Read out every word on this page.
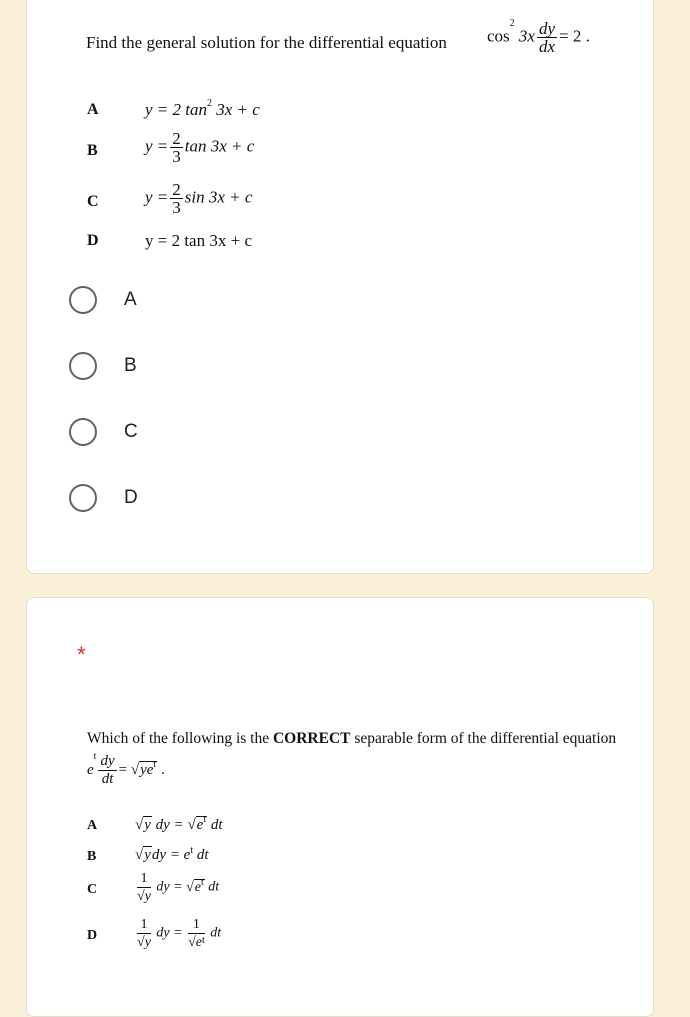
Find the general solution for the differential equation $\cos^2 3x \frac{dy}{dx} = 2$ .
A	y = 2 $\tan^2 3x + c$
B	$y = \frac{2}{3}$ tan 3x + c
C	$y = \frac{2}{3}$ sin 3x + c
D	y = 2 tan 3x + c
A
B
C
D
*
Which of the following is the CORRECT separable form of the differential equation
$e^t \frac{dy}{dt} = √ye^t$ .
A	√y dy = $√e^t$ dt
B	$√ydy = e^t$ dt
C	$\frac{1}{√y}$ dy = $√e^t$ dt
D	$\frac{1}{√y}$ dy = $\frac{1}{√e^t}$ dt
